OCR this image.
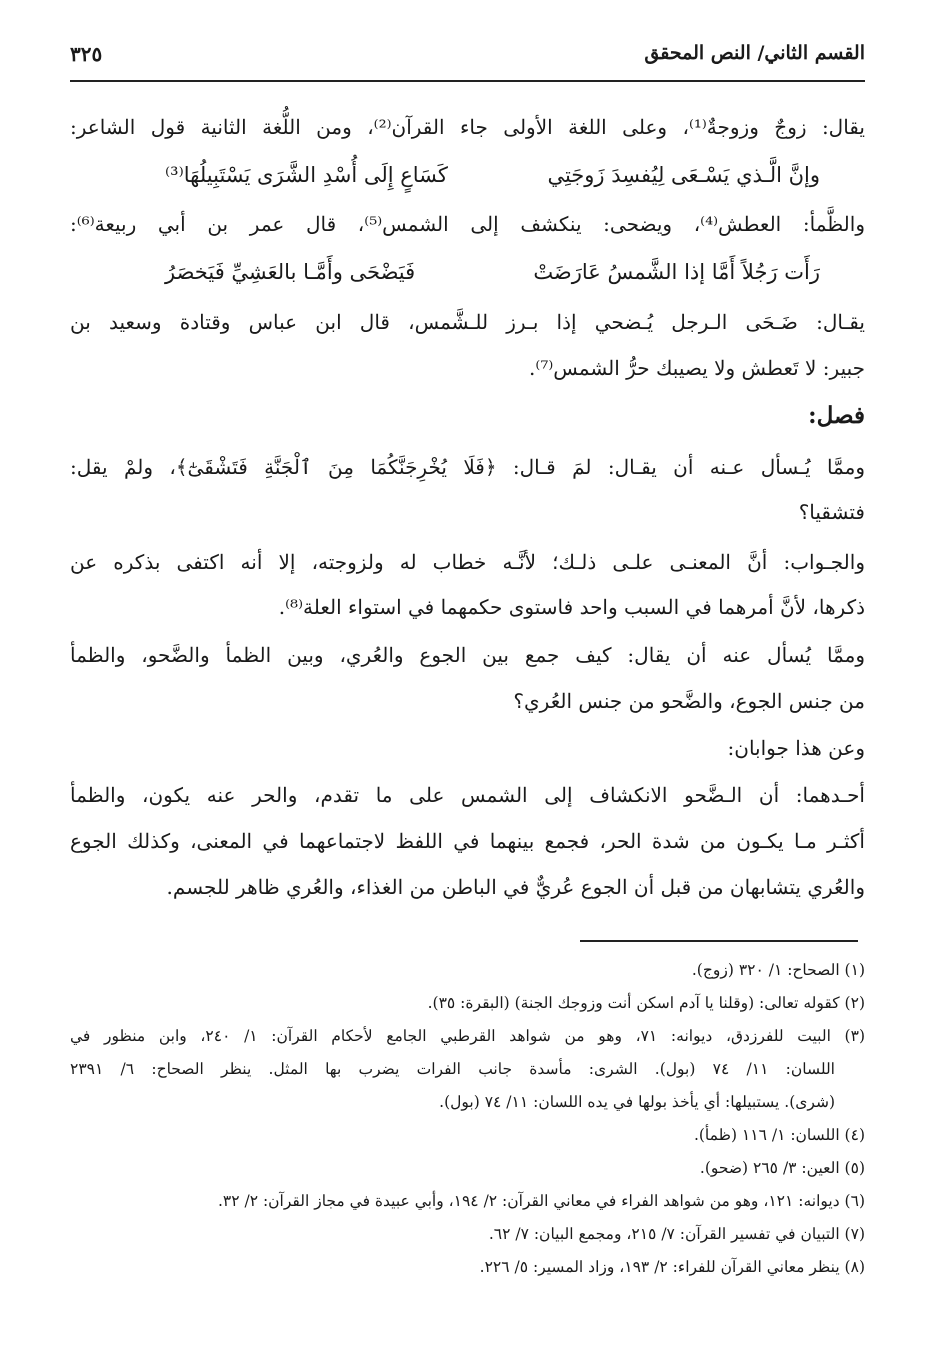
القسم الثاني/ النص المحقق
٣٢٥
يقال: زوجٌ وزوجةٌ⁽¹⁾، وعلى اللغة الأولى جاء القرآن⁽²⁾، ومن اللُّغة الثانية قول الشاعر:
وإنَّ الَّـذي يَسْـعَى لِيُفسِدَ زَوجَتِي
كَسَاعٍ إِلَى أُسْدِ الشَّرَى يَسْتَبِيلُهَا⁽³⁾
والظَّمأ: العطش⁽⁴⁾، ويضحى: ينكشف إلى الشمس⁽⁵⁾، قال عمر بن أبي ربيعة⁽⁶⁾:
رَأَت رَجُلاً أَمَّا إذا الشَّمسُ عَارَضَتْ
فَيَضْحَى وأَمَّـا بالعَشِيِّ فَيَخصَرُ
يقـال: ضَـحَى الـرجل يُـضحي إذا بـرز للـشَّمس، قال ابن عباس وقتادة وسعيد بن
جبير: لا تَعطش ولا يصيبك حرُّ الشمس⁽⁷⁾.
فصل:
وممَّا يُـسأل عـنه أن يقـال: لمَ قـال: ﴿فَلَا يُخْرِجَنَّكُمَا مِنَ ٱلْجَنَّةِ فَتَشْقَىٰٓ﴾، ولمْ يقل:
فتشقيا؟
والجـواب: أنَّ المعنـى علـى ذلـك؛ لأنَّـه خطاب له ولزوجته، إلا أنه اكتفى بذكره عن
ذكرها، لأنَّ أمرهما في السبب واحد فاستوى حكمهما في استواء العلة⁽⁸⁾.
وممَّا يُسأل عنه أن يقال: كيف جمع بين الجوع والعُري، وبين الظمأ والضَّحو، والظمأ
من جنس الجوع، والضَّحو من جنس العُري؟
وعن هذا جوابان:
أحـدهما: أن الـضَّحو الانكشاف إلى الشمس على ما تقدم، والحر عنه يكون، والظمأ
أكثـر مـا يكـون من شدة الحر، فجمع بينهما في اللفظ لاجتماعهما في المعنى، وكذلك الجوع
والعُري يتشابهان من قبل أن الجوع عُريٌّ في الباطن من الغذاء، والعُري ظاهر للجسم.
(١) الصحاح: ١/ ٣٢٠ (زوج).
(٢) كقوله تعالى: (وقلنا يا آدم اسكن أنت وزوجك الجنة) (البقرة: ٣٥).
(٣) البيت للفرزدق، ديوانه: ٧١، وهو من شواهد القرطبي الجامع لأحكام القرآن: ١/ ٢٤٠، وابن منظور في
اللسان: ١١/ ٧٤ (بول). الشرى: مأسدة جانب الفرات يضرب بها المثل. ينظر الصحاح: ٦/ ٢٣٩١
(شرى). يستبيلها: أي يأخذ بولها في يده اللسان: ١١/ ٧٤ (بول).
(٤) اللسان: ١/ ١١٦ (ظمأ).
(٥) العين: ٣/ ٢٦٥ (ضحو).
(٦) ديوانه: ١٢١، وهو من شواهد الفراء في معاني القرآن: ٢/ ١٩٤، وأبي عبيدة في مجاز القرآن: ٢/ ٣٢.
(٧) التبيان في تفسير القرآن: ٧/ ٢١٥، ومجمع البيان: ٧/ ٦٢.
(٨) ينظر معاني القرآن للفراء: ٢/ ١٩٣، وزاد المسير: ٥/ ٢٢٦.
